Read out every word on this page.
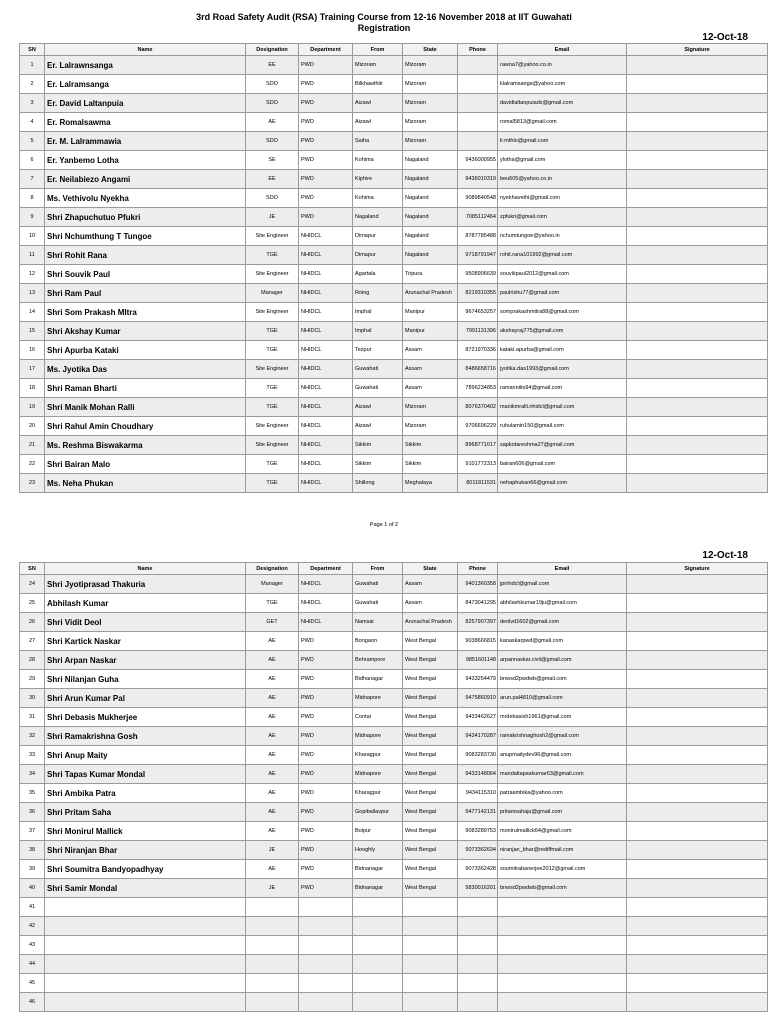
3rd Road Safety Audit (RSA) Training Course from 12-16 November 2018 at IIT Guwahati
Registration
12-Oct-18
SN	Name	Designation	Department	From	State	Phone	Email	Signature
1	Er. Lalrawnsanga	EE	PWD	Mizoram	Mizoram		rawna7@yahoo.co.in	
2	Er. Lalramsanga	SDO	PWD	Bilkhawthlir	Mizoram		klalramsanga@yahoo.com	
3	Er. David Laltanpuia	SDO	PWD	Aizawl	Mizoram		davidlaltanpuiadx@gmail.com	
4	Er. Romalsawma	AE	PWD	Aizawl	Mizoram		romal5813@gmail.com	
5	Er. M. Lalrammawia	SDO	PWD	Saiha	Mizoram		lr.mthlo@gmail.com	
6	Er. Yanbemo Lotha	SE	PWD	Kohima	Nagaland	9436000955	ylotha@gmail.com	
7	Er. Neilabiezo Angami	EE	PWD	Kiphire	Nagaland	9436010319	beu605@yahoo.co.in	
8	Ms. Vethivolu Nyekha	SDO	PWD	Kohima	Nagaland	9089840548	nyekhavethi@gmail.com	
9	Shri Zhapuchutuo Pfukri	JE	PWD	Nagaland	Nagaland	7085112464	zpfukri@gmail.com	
10	Shri Nchumthung T Tungoe	Site Engineer	NHIDCL	Dimapur	Nagaland	8787785488	nchumtungoe@yahoo.in	
11	Shri Rohit Rana	TGE	NHIDCL	Dimapur	Nagaland	9718791947	rohit.rana101992@gmail.com	
12	Shri Souvik Paul	Site Engineer	NHIDCL	Agartala	Tripura	9508906639	souvikpaul2012@gmail.com	
13	Shri Ram Paul	Manager	NHIDCL	Roing	Arunachal Pradesh	8219310355	paulrishu77@gmail.com	
14	Shri Som Prakash MItra	Site Engineer	NHIDCL	Imphal	Manipur	9674653257	somprakashmitra88@gmail.com	
15	Shri Akshay Kumar	TGE	NHIDCL	Imphal	Manipur	7991131396	akshayraj775@gmail.com	
16	Shri Apurba Kataki	TGE	NHIDCL	Tezpur	Assam	8721970336	kataki.apurba@gmail.com	
17	Ms. Jyotika Das	Site Engineer	NHIDCL	Guwahati	Assam	8486658716	jyotika.das1993@gmail.com	
18	Shri Raman Bharti	TGE	NHIDCL	Guwahati	Assam	7896234853	ramanniits94@gmail.com	
19	Shri Manik Mohan Ralli	TGE	NHIDCL	Aizawl	Mizoram	8076370402	manikmralli.nhidcl@gmail.com	
20	Shri Rahul Amin Choudhary	Site Engineer	NHIDCL	Aizawl	Mizoram	9706696229	ruhulamin150@gmail.com	
21	Ms. Reshma Biswakarma	Site Engineer	NHIDCL	Sikkim	Sikkim	8968771017	sapkotareshma27@gmail.com	
22	Shri Bairan Malo	TGE	NHIDCL	Sikkim	Sikkim	9101772313	bairan606@gmail.com	
23	Ms. Neha Phukan	TGE	NHIDCL	Shillong	Meghalaya	8011811531	nehaphukan66@gmail.com	
Page 1 of 2
12-Oct-18
SN	Name	Designation	Department	From	State	Phone	Email	Signature
24	Shri Jyotiprasad Thakuria	Manager	NHIDCL	Guwahati	Assam	9401360358	jpnhidcl@gmail.com	
25	Abhilash Kumar	TGE	NHIDCL	Guwahati	Assam	8473041295	abhilashkumar19ju@gmail.com	
26	Shri Vidit Deol	GET	NHIDCL	Namsai	Arunachal Pradesh	8257907397	deolvd1602@gmail.com	
27	Shri Kartick Naskar	AE	PWD	Bongaon	West Bengal	9038666815	kanaskarpwd@gmail.com	
28	Shri Arpan Naskar	AE	PWD	Behrampore	West Bengal	9851601148	arpannaskar.civil@gmail.com	
29	Shri Nilanjan Guha	AE	PWD	Bidhanagar	West Bengal	9433254479	bnwsd2pwdwb@gmail.com	
30	Shri Arun Kumar Pal	AE	PWD	Midnapore	West Bengal	9475860910	arun.pal4810@gmail.com	
31	Shri Debasis Mukherjee	AE	PWD	Contai	West Bengal	9433462627	mrdebasish1961@gmail.com	
32	Shri Ramakrishna Gosh	AE	PWD	Midnapore	West Bengal	9434170287	ramakrishnaghosh2@gmail.com	
33	Shri Anup Maity	AE	PWD	Kharagpur	West Bengal	9083283730	anupmaitydev96@gmail.com	
34	Shri Tapas Kumar Mondal	AE	PWD	Midnapore	West Bengal	9433148064	mandaltapaskumar63@gmail.com	
35	Shri Ambika Patra	AE	PWD	Kharagpur	West Bengal	9434115310	patraambika@yahoo.com	
36	Shri Pritam Saha	AE	PWD	Gopiballavpur	West Bengal	9477142131	pritamsahaju@gmail.com	
37	Shri Monirul Mallick	AE	PWD	Bolpur	West Bengal	9083289753	monirulmallick64@gmail.com	
38	Shri Niranjan Bhar	JE	PWD	Hooghly	West Bengal	9073362634	niranjan_bhar@rediffmail.com	
39	Shri Soumitra Bandyopadhyay	AE	PWD	Bidnanagar	West Bengal	9073362428	soumitrabanerjee2012@gmail.com	
40	Shri Samir Mondal	JE	PWD	Bidnanagar	West Bengal	9830016201	bnwsd2pwdwb@gmail.com	
41								
42								
43								
44								
45								
46								
